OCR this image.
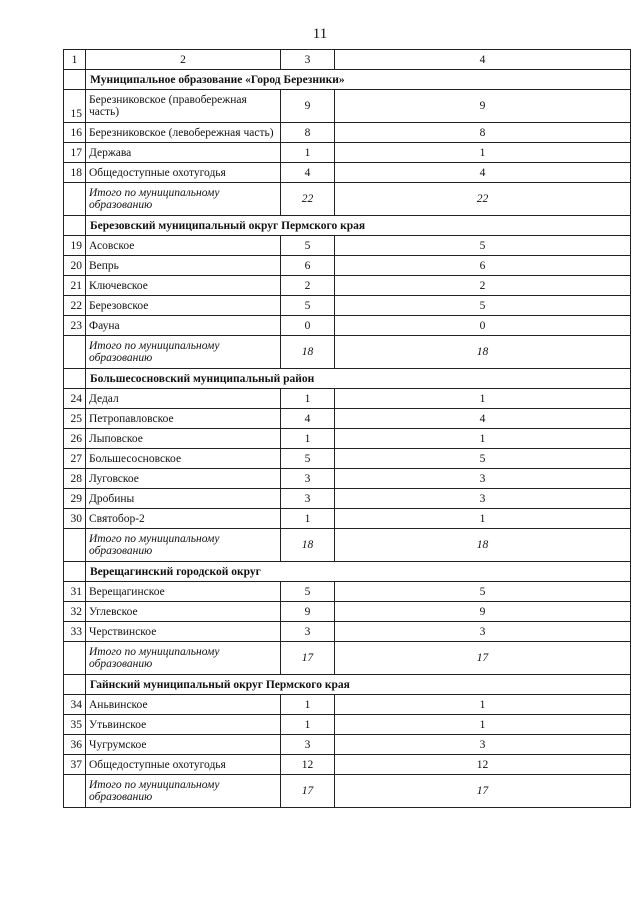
11
1	2	3	4
	Муниципальное образование «Город Березники»		
15	Березниковское (правобережная часть)	9	9
16	Березниковское (левобережная часть)	8	8
17	Держава	1	1
18	Общедоступные охотугодья	4	4
	Итого по муниципальному образованию	22	22
	Березовский муниципальный округ Пермского края		
19	Асовское	5	5
20	Вепрь	6	6
21	Ключевское	2	2
22	Березовское	5	5
23	Фауна	0	0
	Итого по муниципальному образованию	18	18
	Большесосновский муниципальный район		
24	Дедал	1	1
25	Петропавловское	4	4
26	Лыповское	1	1
27	Большесосновское	5	5
28	Луговское	3	3
29	Дробины	3	3
30	Святобор-2	1	1
	Итого по муниципальному образованию	18	18
	Верещагинский городской округ		
31	Верещагинское	5	5
32	Углевское	9	9
33	Черствинское	3	3
	Итого по муниципальному образованию	17	17
	Гайнский муниципальный округ Пермского края		
34	Аньвинское	1	1
35	Утьвинское	1	1
36	Чугрумское	3	3
37	Общедоступные охотугодья	12	12
	Итого по муниципальному образованию	17	17
